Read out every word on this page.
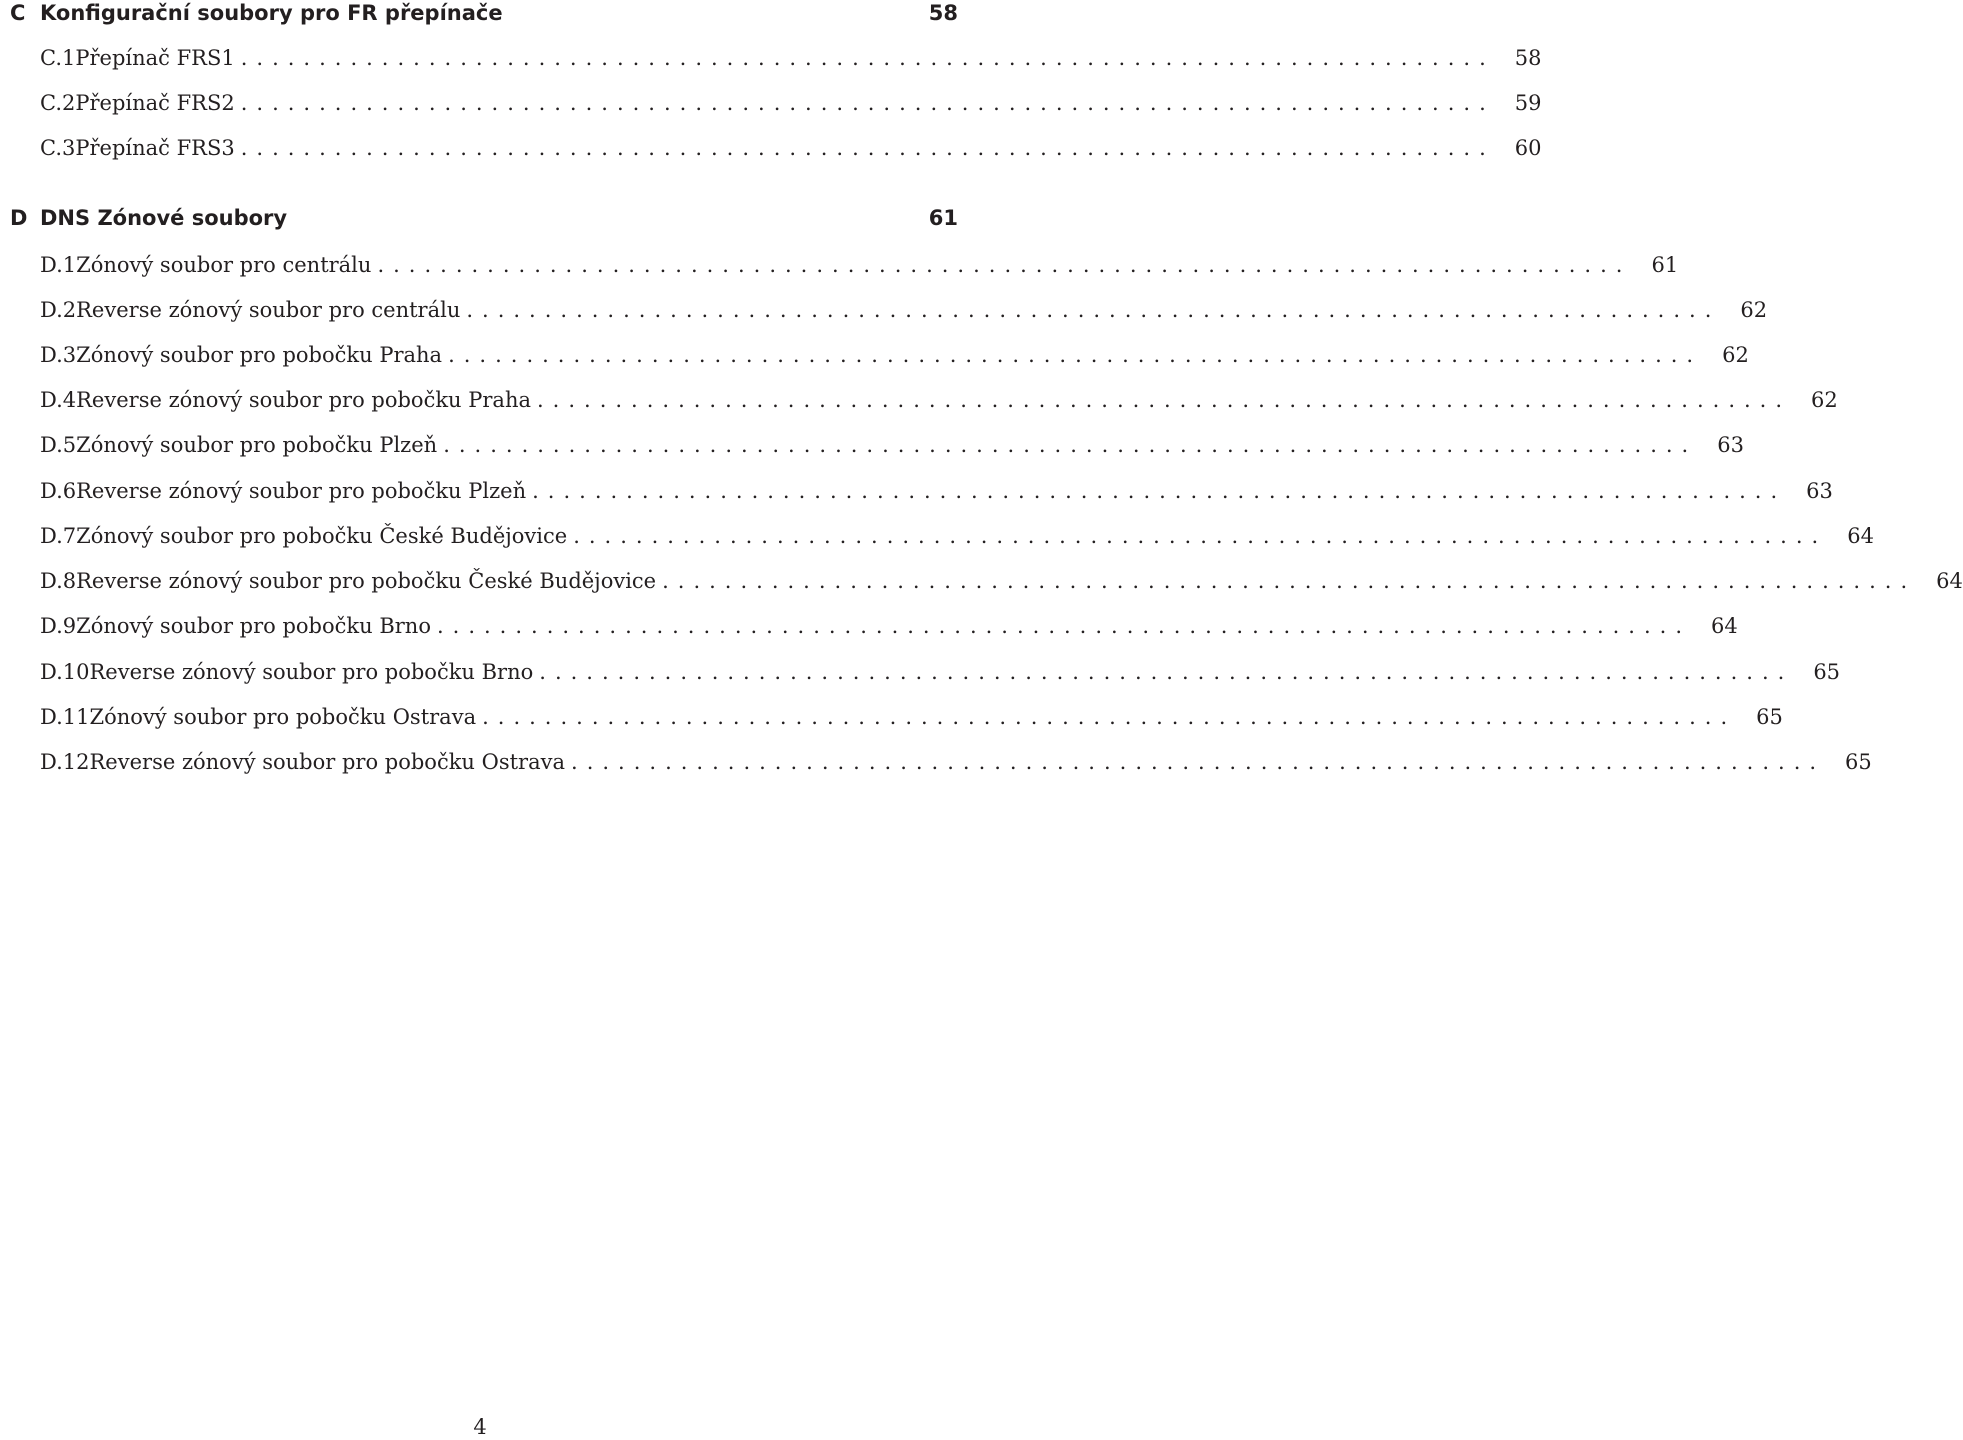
C Konfigurační soubory pro FR přepínače	58
C.1 Přepínač FRS1 ................................................................................ 58
C.2 Přepínač FRS2 ................................................................................ 59
C.3 Přepínač FRS3 ................................................................................ 60
D DNS Zónové soubory	61
D.1 Zónový soubor pro centrálu ................................................................................ 61
D.2 Reverse zónový soubor pro centrálu ................................................................................ 62
D.3 Zónový soubor pro pobočku Praha ................................................................................ 62
D.4 Reverse zónový soubor pro pobočku Praha ................................................................................ 62
D.5 Zónový soubor pro pobočku Plzeň ................................................................................ 63
D.6 Reverse zónový soubor pro pobočku Plzeň ................................................................................ 63
D.7 Zónový soubor pro pobočku České Budějovice ................................................................................ 64
D.8 Reverse zónový soubor pro pobočku České Budějovice ................................................................................ 64
D.9 Zónový soubor pro pobočku Brno ................................................................................ 64
D.10 Reverse zónový soubor pro pobočku Brno ................................................................................ 65
D.11 Zónový soubor pro pobočku Ostrava ................................................................................ 65
D.12 Reverse zónový soubor pro pobočku Ostrava ................................................................................ 65
4
